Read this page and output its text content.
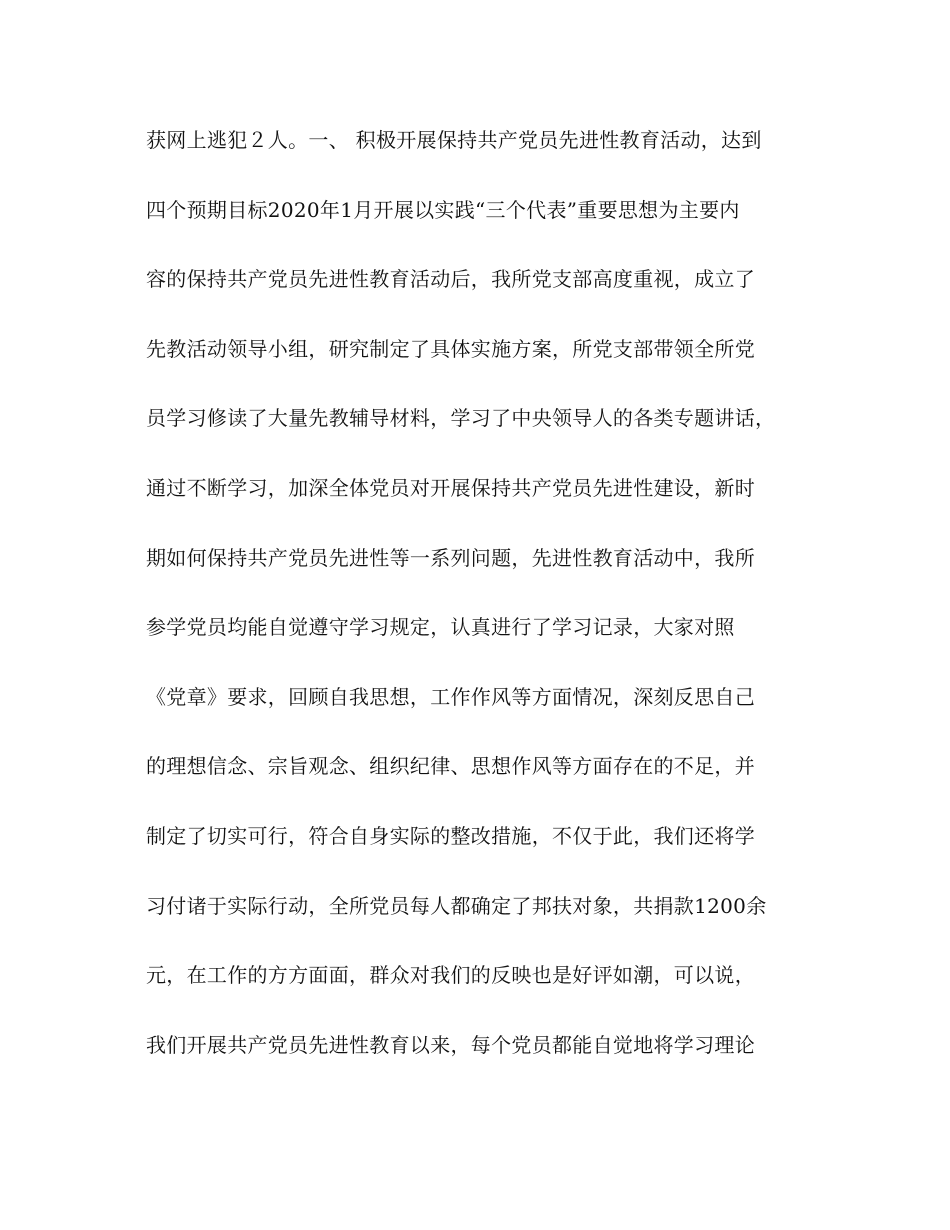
获网上逃犯２人。一、 积极开展保持共产党员先进性教育活动，达到
四个预期目标2020年1月开展以实践“三个代表”重要思想为主要内
容的保持共产党员先进性教育活动后，我所党支部高度重视，成立了
先教活动领导小组，研究制定了具体实施方案，所党支部带领全所党
员学习修读了大量先教辅导材料，学习了中央领导人的各类专题讲话，
通过不断学习，加深全体党员对开展保持共产党员先进性建设，新时
期如何保持共产党员先进性等一系列问题，先进性教育活动中，我所
参学党员均能自觉遵守学习规定，认真进行了学习记录，大家对照
《党章》要求，回顾自我思想，工作作风等方面情况，深刻反思自己
的理想信念、宗旨观念、组织纪律、思想作风等方面存在的不足，并
制定了切实可行，符合自身实际的整改措施，不仅于此，我们还将学
习付诸于实际行动，全所党员每人都确定了邦扶对象，共捐款1200余
元，在工作的方方面面，群众对我们的反映也是好评如潮，可以说，
我们开展共产党员先进性教育以来，每个党员都能自觉地将学习理论
